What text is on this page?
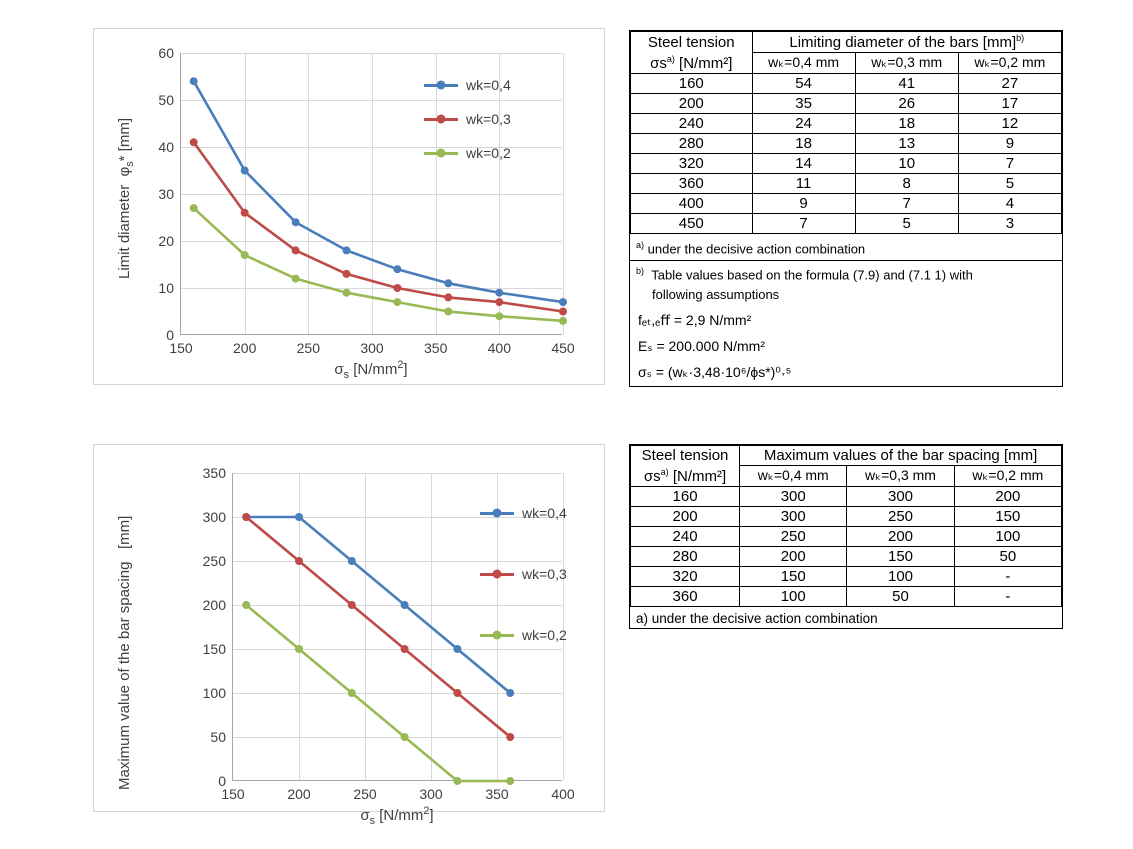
60
50
40
30
20
10
0
150	200	250	300	350	400	450
Limit diameter  $\varphi_s*$ [mm]
$\sigma_s$ $[N/mm^2]$
wk=0,4
wk=0,3
wk=0,2
Steel tension	Limiting diameter of the bars [mm]$^{b)}$
σs$^{a)}$ [N/mm²]	wₖ=0,4 mm	wₖ=0,3 mm	wₖ=0,2 mm
160	54	41	27
200	35	26	17
240	24	18	12
280	18	13	9
320	14	10	7
360	11	8	5
400	9	7	4
450	7	5	3
$^{a)}$ under the decisive action combination
$^{b)}$ Table values based on the formula (7.9) and (7.1 1) with
following assumptions
fₑₜ,ₑﬀ = 2,9 N/mm²
Eₛ = 200.000 N/mm²
σₛ = (wₖ·3,48·10⁶/ϕs*)⁰˕⁵
350
300
250
200
150
100
50
0
150	200	250	300	350	400
Maximum value of the bar spacing   [mm]
$\sigma_s$ $[N/mm^2]$
wk=0,4
wk=0,3
wk=0,2
Steel tension	Maximum values of the bar spacing [mm]		
σs$^{a)}$ [N/mm²]	wₖ=0,4 mm	wₖ=0,3 mm	wₖ=0,2 mm
160	300	300	200
200	300	250	150
240	250	200	100
280	200	150	50
320	150	100	-
360	100	50	-
a) under the decisive action combination
